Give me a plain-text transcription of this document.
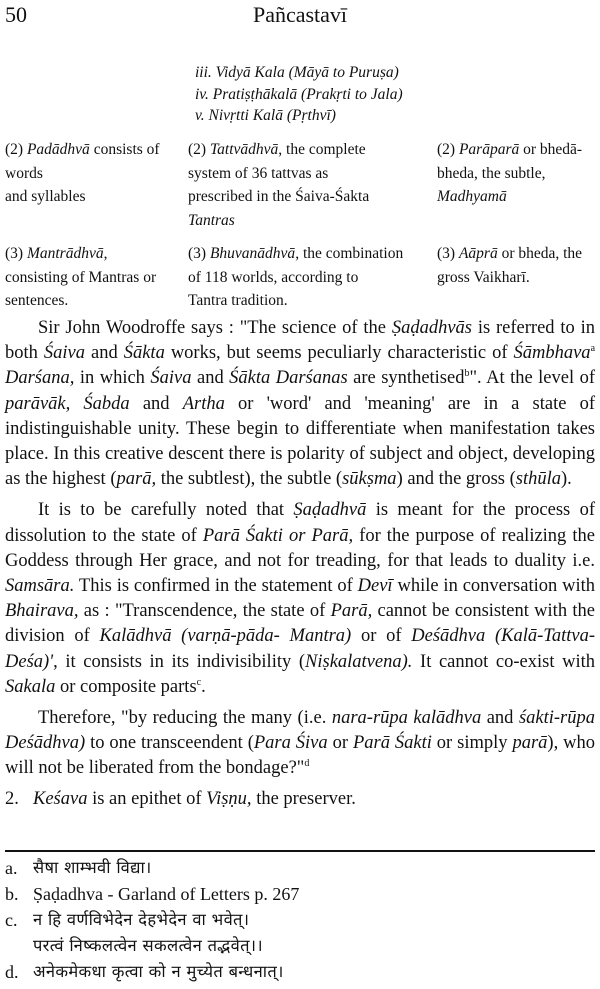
50	Pañcastavī
iii. Vidyā Kala (Māyā to Puruṣa)
iv. Pratiṣṭhākalā (Prakṛti to Jala)
v. Nivṛtti Kalā (Pṛthvī)
(2) Padādhvā consists of words
and syllables
(2) Tattvādhvā, the complete
system of 36 tattvas as
prescribed in the Śaiva-Śakta
Tantras
(2) Parāparā or bhedā-
bheda, the subtle,
Madhyamā
(3) Mantrādhvā,
consisting of Mantras or
sentences.
(3) Bhuvanādhvā, the combination
of 118 worlds, according to
Tantra tradition.
(3) Aāprā or bheda, the
gross Vaikharī.

Sir John Woodroffe says : "The science of the Ṣaḍadhvās is referred to in both Śaiva and Śākta works, but seems peculiarly characteristic of Śāmbhava$^a$ Darśana, in which Śaiva and Śākta Darśanas are synthetised$^b$". At the level of parāvāk, Śabda and Artha or 'word' and 'meaning' are in a state of indistinguishable unity. These begin to differentiate when manifestation takes place. In this creative descent there is polarity of subject and object, developing as the highest (parā, the subtlest), the subtle (sūkṣma) and the gross (sthūla).

It is to be carefully noted that Ṣaḍadhvā is meant for the process of dissolution to the state of Parā Śakti or Parā, for the purpose of realizing the Goddess through Her grace, and not for treading, for that leads to duality i.e. Samsāra. This is confirmed in the statement of Devī while in conversation with Bhairava, as : "Transcendence, the state of Parā, cannot be consistent with the division of Kalādhvā (varṇā-pāda- Mantra) or of Deśādhva (Kalā-Tattva-Deśa)', it consists in its indivisibility (Niṣkalatvena). It cannot co-exist with Sakala or composite parts$^c$.

Therefore, "by reducing the many (i.e. nara-rūpa kalādhva and śakti-rūpa Deśādhva) to one transceendent (Para Śiva or Parā Śakti or simply parā), who will not be liberated from the bondage?"$^d$

2. Keśava is an epithet of Viṣṇu, the preserver.

a. सैषा शाम्भवी विद्या।
b. Ṣaḍadhva - Garland of Letters p. 267
c. न हि वर्णविभेदेन देहभेदेन वा भवेत्।
परत्वं निष्कलत्वेन सकलत्वेन तद्भवेत्।।
d. अनेकमेकधा कृत्वा को न मुच्येत बन्धनात्।
